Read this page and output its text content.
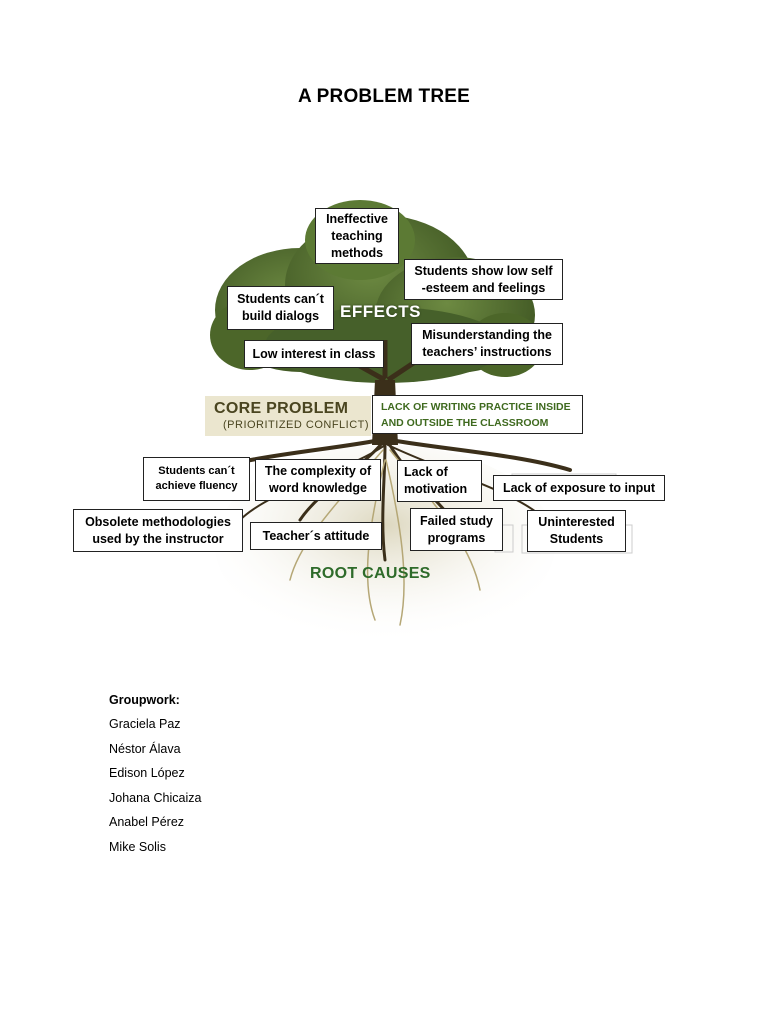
A PROBLEM TREE
EFFECTS
CORE PROBLEM
(PRIORITIZED CONFLICT)
ROOT CAUSES
Ineffective
teaching
methods
Students show low self
-esteem and feelings
Students can´t
build dialogs
Low interest in class
Misunderstanding the
teachers’ instructions
LACK OF WRITING PRACTICE INSIDE
AND OUTSIDE THE CLASSROOM
Students can´t
achieve fluency
The complexity of
word knowledge
Lack of
motivation	Lack of exposure to input
Obsolete methodologies
used by the instructor	Teacher´s attitude
Failed study
programs
Uninterested
Students
Groupwork:
Graciela Paz
Néstor Álava
Edison López
Johana Chicaiza
Anabel Pérez
Mike Solis
